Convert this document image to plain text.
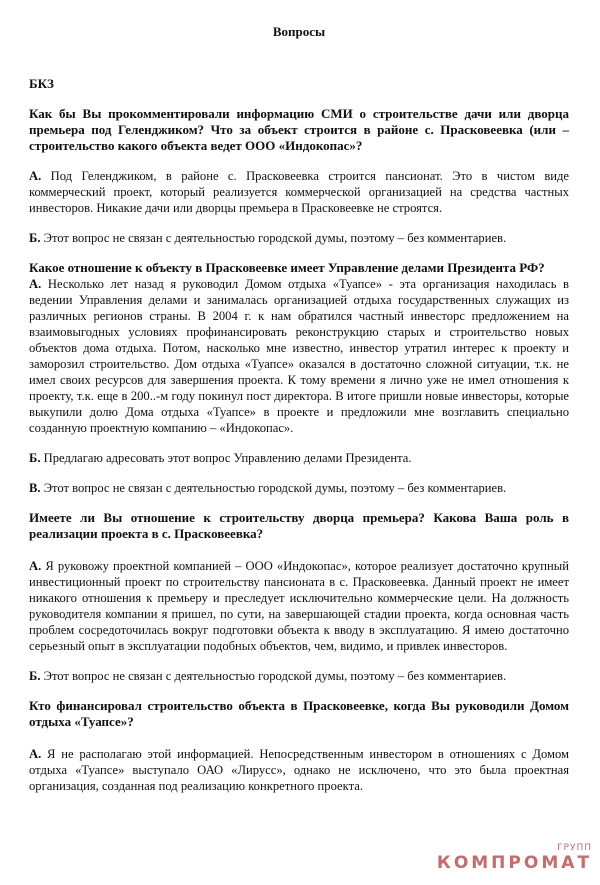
Вопросы
БКЗ
Как бы Вы прокомментировали информацию СМИ о строительстве дачи или дворца премьера под Геленджиком? Что за объект строится в районе с. Прасковеевка (или – строительство какого объекта ведет ООО «Индокопас»?
А. Под Геленджиком, в районе с. Прасковеевка строится пансионат. Это в чистом виде коммерческий проект, который реализуется коммерческой организацией на средства частных инвесторов. Никакие дачи или дворцы премьера в Прасковеевке не строятся.
Б. Этот вопрос не связан с деятельностью городской думы, поэтому – без комментариев.
Какое отношение к объекту в Прасковеевке имеет Управление делами Президента РФ?
А. Несколько лет назад я руководил Домом отдыха «Туапсе» - эта организация находилась в ведении Управления делами и занималась организацией отдыха государственных служащих из различных регионов страны. В 2004 г. к нам обратился частный инвесторс предложением на взаимовыгодных условиях профинансировать реконструкцию старых и строительство новых объектов дома отдыха. Потом, насколько мне известно, инвестор утратил интерес к проекту и заморозил строительство. Дом отдыха «Туапсе» оказался в достаточно сложной ситуации, т.к. не имел своих ресурсов для завершения проекта. К тому времени я лично уже не имел отношения к проекту, т.к. еще в 200..-м году покинул пост директора. В итоге пришли новые инвесторы, которые выкупили долю Дома отдыха «Туапсе» в проекте и предложили мне возглавить специально созданную проектную компанию – «Индокопас».
Б. Предлагаю адресовать этот вопрос Управлению делами Президента.
В. Этот вопрос не связан с деятельностью городской думы, поэтому – без комментариев.
Имеете ли Вы отношение к строительству дворца премьера? Какова Ваша роль в реализации проекта в с. Прасковеевка?
А. Я руковожу проектной компанией – ООО «Индокопас», которое реализует достаточно крупный инвестиционный проект по строительству пансионата в с. Прасковеевка. Данный проект не имеет никакого отношения к премьеру и преследует исключительно коммерческие цели. На должность руководителя компании я пришел, по сути, на завершающей стадии проекта, когда основная часть проблем сосредоточилась вокруг подготовки объекта к вводу в эксплуатацию. Я имею достаточно серьезный опыт в эксплуатации подобных объектов, чем, видимо, и привлек инвесторов.
Б. Этот вопрос не связан с деятельностью городской думы, поэтому – без комментариев.
Кто финансировал строительство объекта в Прасковеевке, когда Вы руководили Домом отдыха «Туапсе»?
А. Я не располагаю этой информацией. Непосредственным инвестором в отношениях с Домом отдыха «Туапсе» выступало ОАО «Лирусс», однако не исключено, что это была проектная организация, созданная под реализацию конкретного проекта.
ГРУПП
КОМПРОМАТ
